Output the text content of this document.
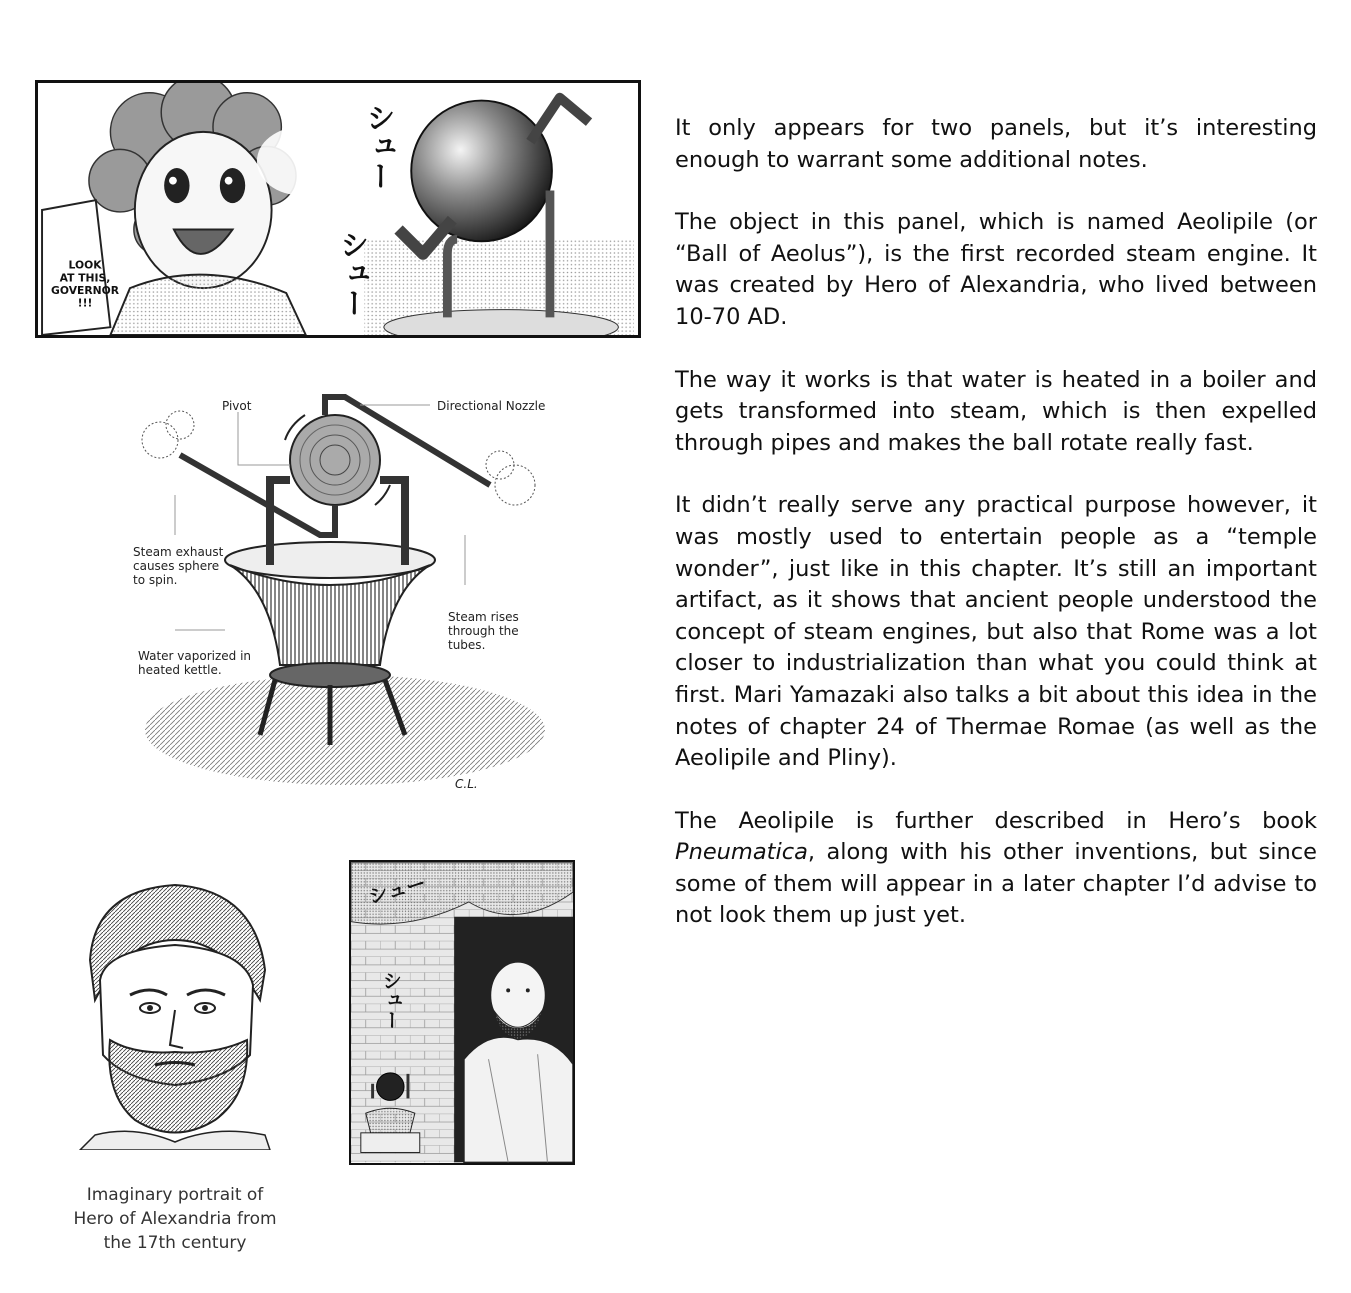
LOOK AT THIS, GOVERNOR !!!
シュー
シュー
Pivot	Directional Nozzle
Steam exhaust
causes sphere
to spin.
Steam rises
through the
tubes.
Water vaporized in
heated kettle.
C.L.
Imaginary portrait of
Hero of Alexandria from
the 17th century
シュー
シュー

It only appears for two panels, but it’s interesting enough to warrant some additional notes.

The object in this panel, which is named Aeolipile (or “Ball of Aeolus”), is the first recorded steam engine. It was created by Hero of Alexandria, who lived between 10-70 AD.

The way it works is that water is heated in a boiler and gets transformed into steam, which is then expelled through pipes and makes the ball rotate really fast.

It didn’t really serve any practical purpose however, it was mostly used to entertain people as a “temple wonder”, just like in this chapter. It’s still an important artifact, as it shows that ancient people understood the concept of steam engines, but also that Rome was a lot closer to industrialization than what you could think at first. Mari Yamazaki also talks a bit about this idea in the notes of chapter 24 of Thermae Romae (as well as the Aeolipile and Pliny).

The Aeolipile is further described in Hero’s book Pneumatica, along with his other inventions, but since some of them will appear in a later chapter I’d advise to not look them up just yet.
